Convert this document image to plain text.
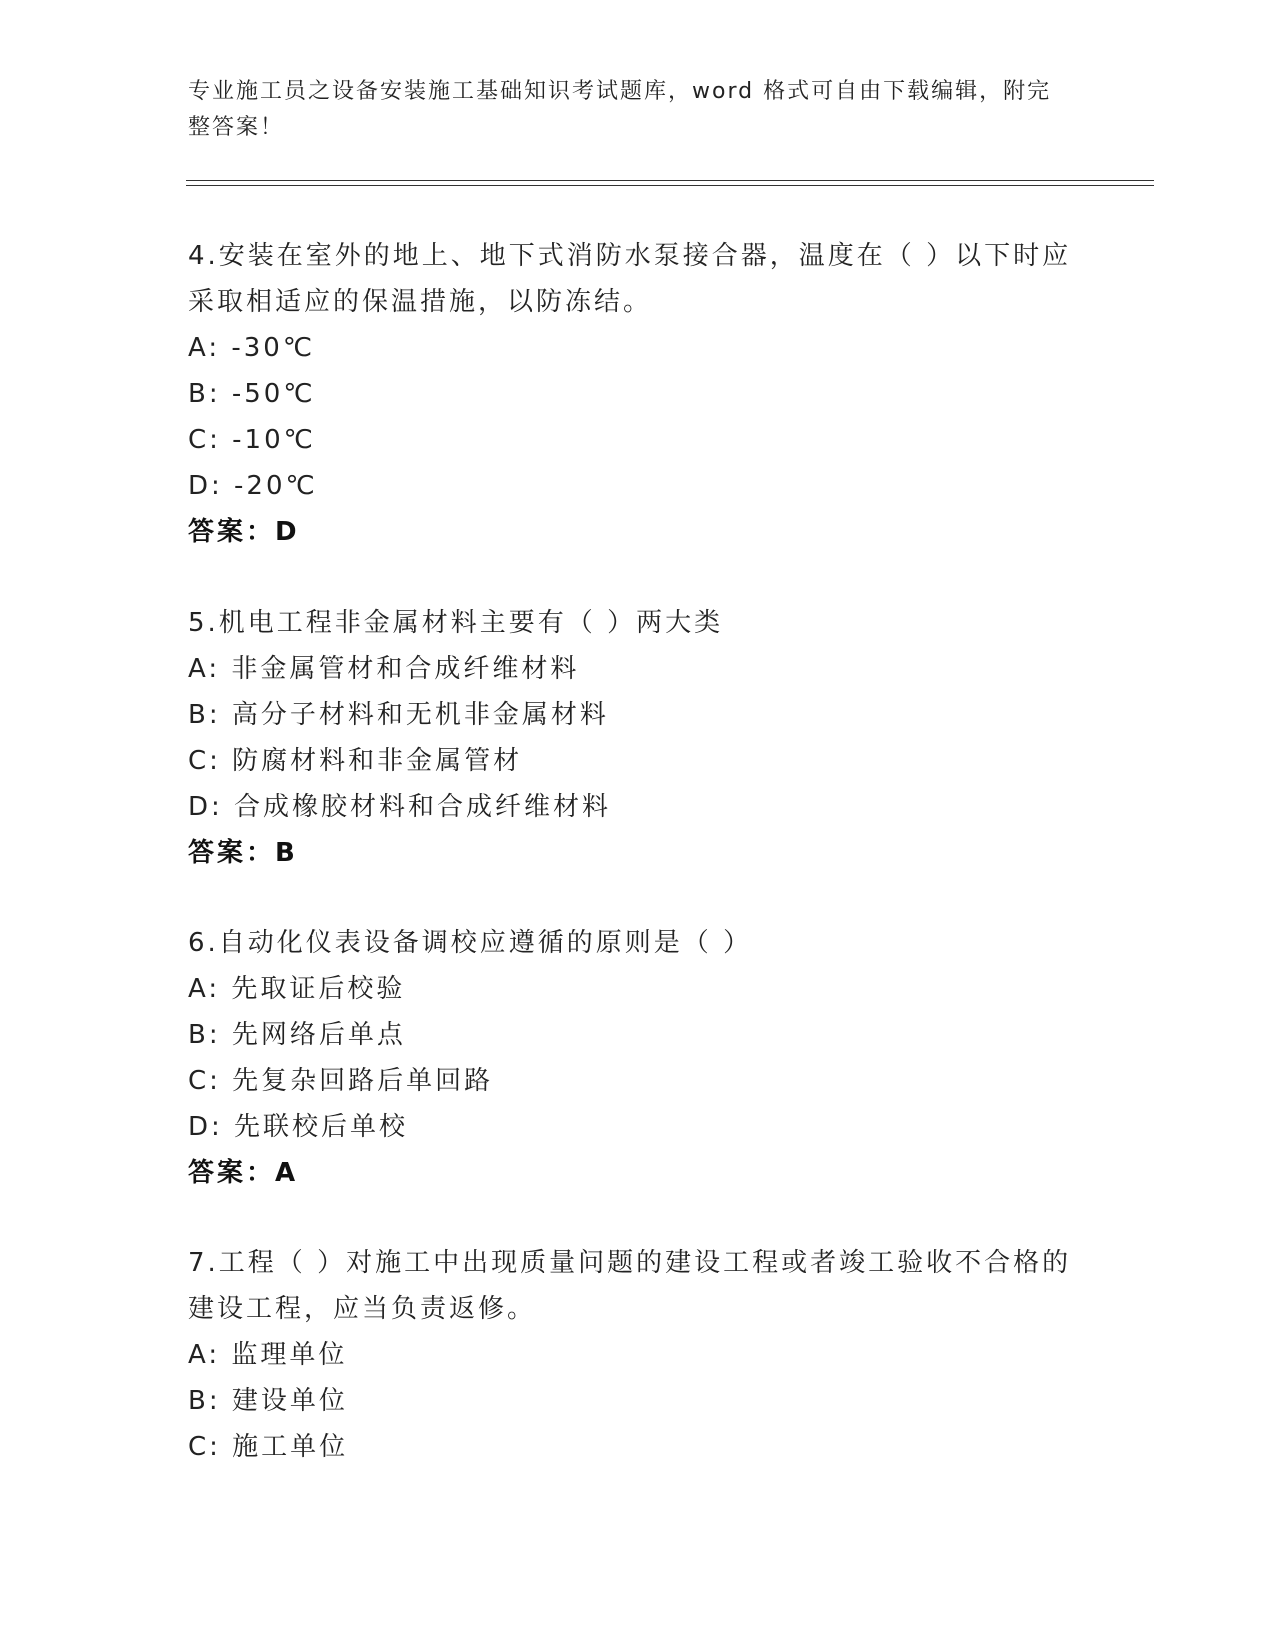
专业施工员之设备安装施工基础知识考试题库，word 格式可自由下载编辑，附完
整答案！

4.安装在室外的地上、地下式消防水泵接合器，温度在（ ）以下时应

采取相适应的保温措施，以防冻结。

A: -30℃

B: -50℃

C: -10℃

D: -20℃

答案：D

5.机电工程非金属材料主要有（ ）两大类

A: 非金属管材和合成纤维材料

B: 高分子材料和无机非金属材料

C: 防腐材料和非金属管材

D: 合成橡胶材料和合成纤维材料

答案：B

6.自动化仪表设备调校应遵循的原则是（ ）

A: 先取证后校验

B: 先网络后单点

C: 先复杂回路后单回路

D: 先联校后单校

答案：A

7.工程（ ）对施工中出现质量问题的建设工程或者竣工验收不合格的

建设工程，应当负责返修。

A: 监理单位

B: 建设单位

C: 施工单位
